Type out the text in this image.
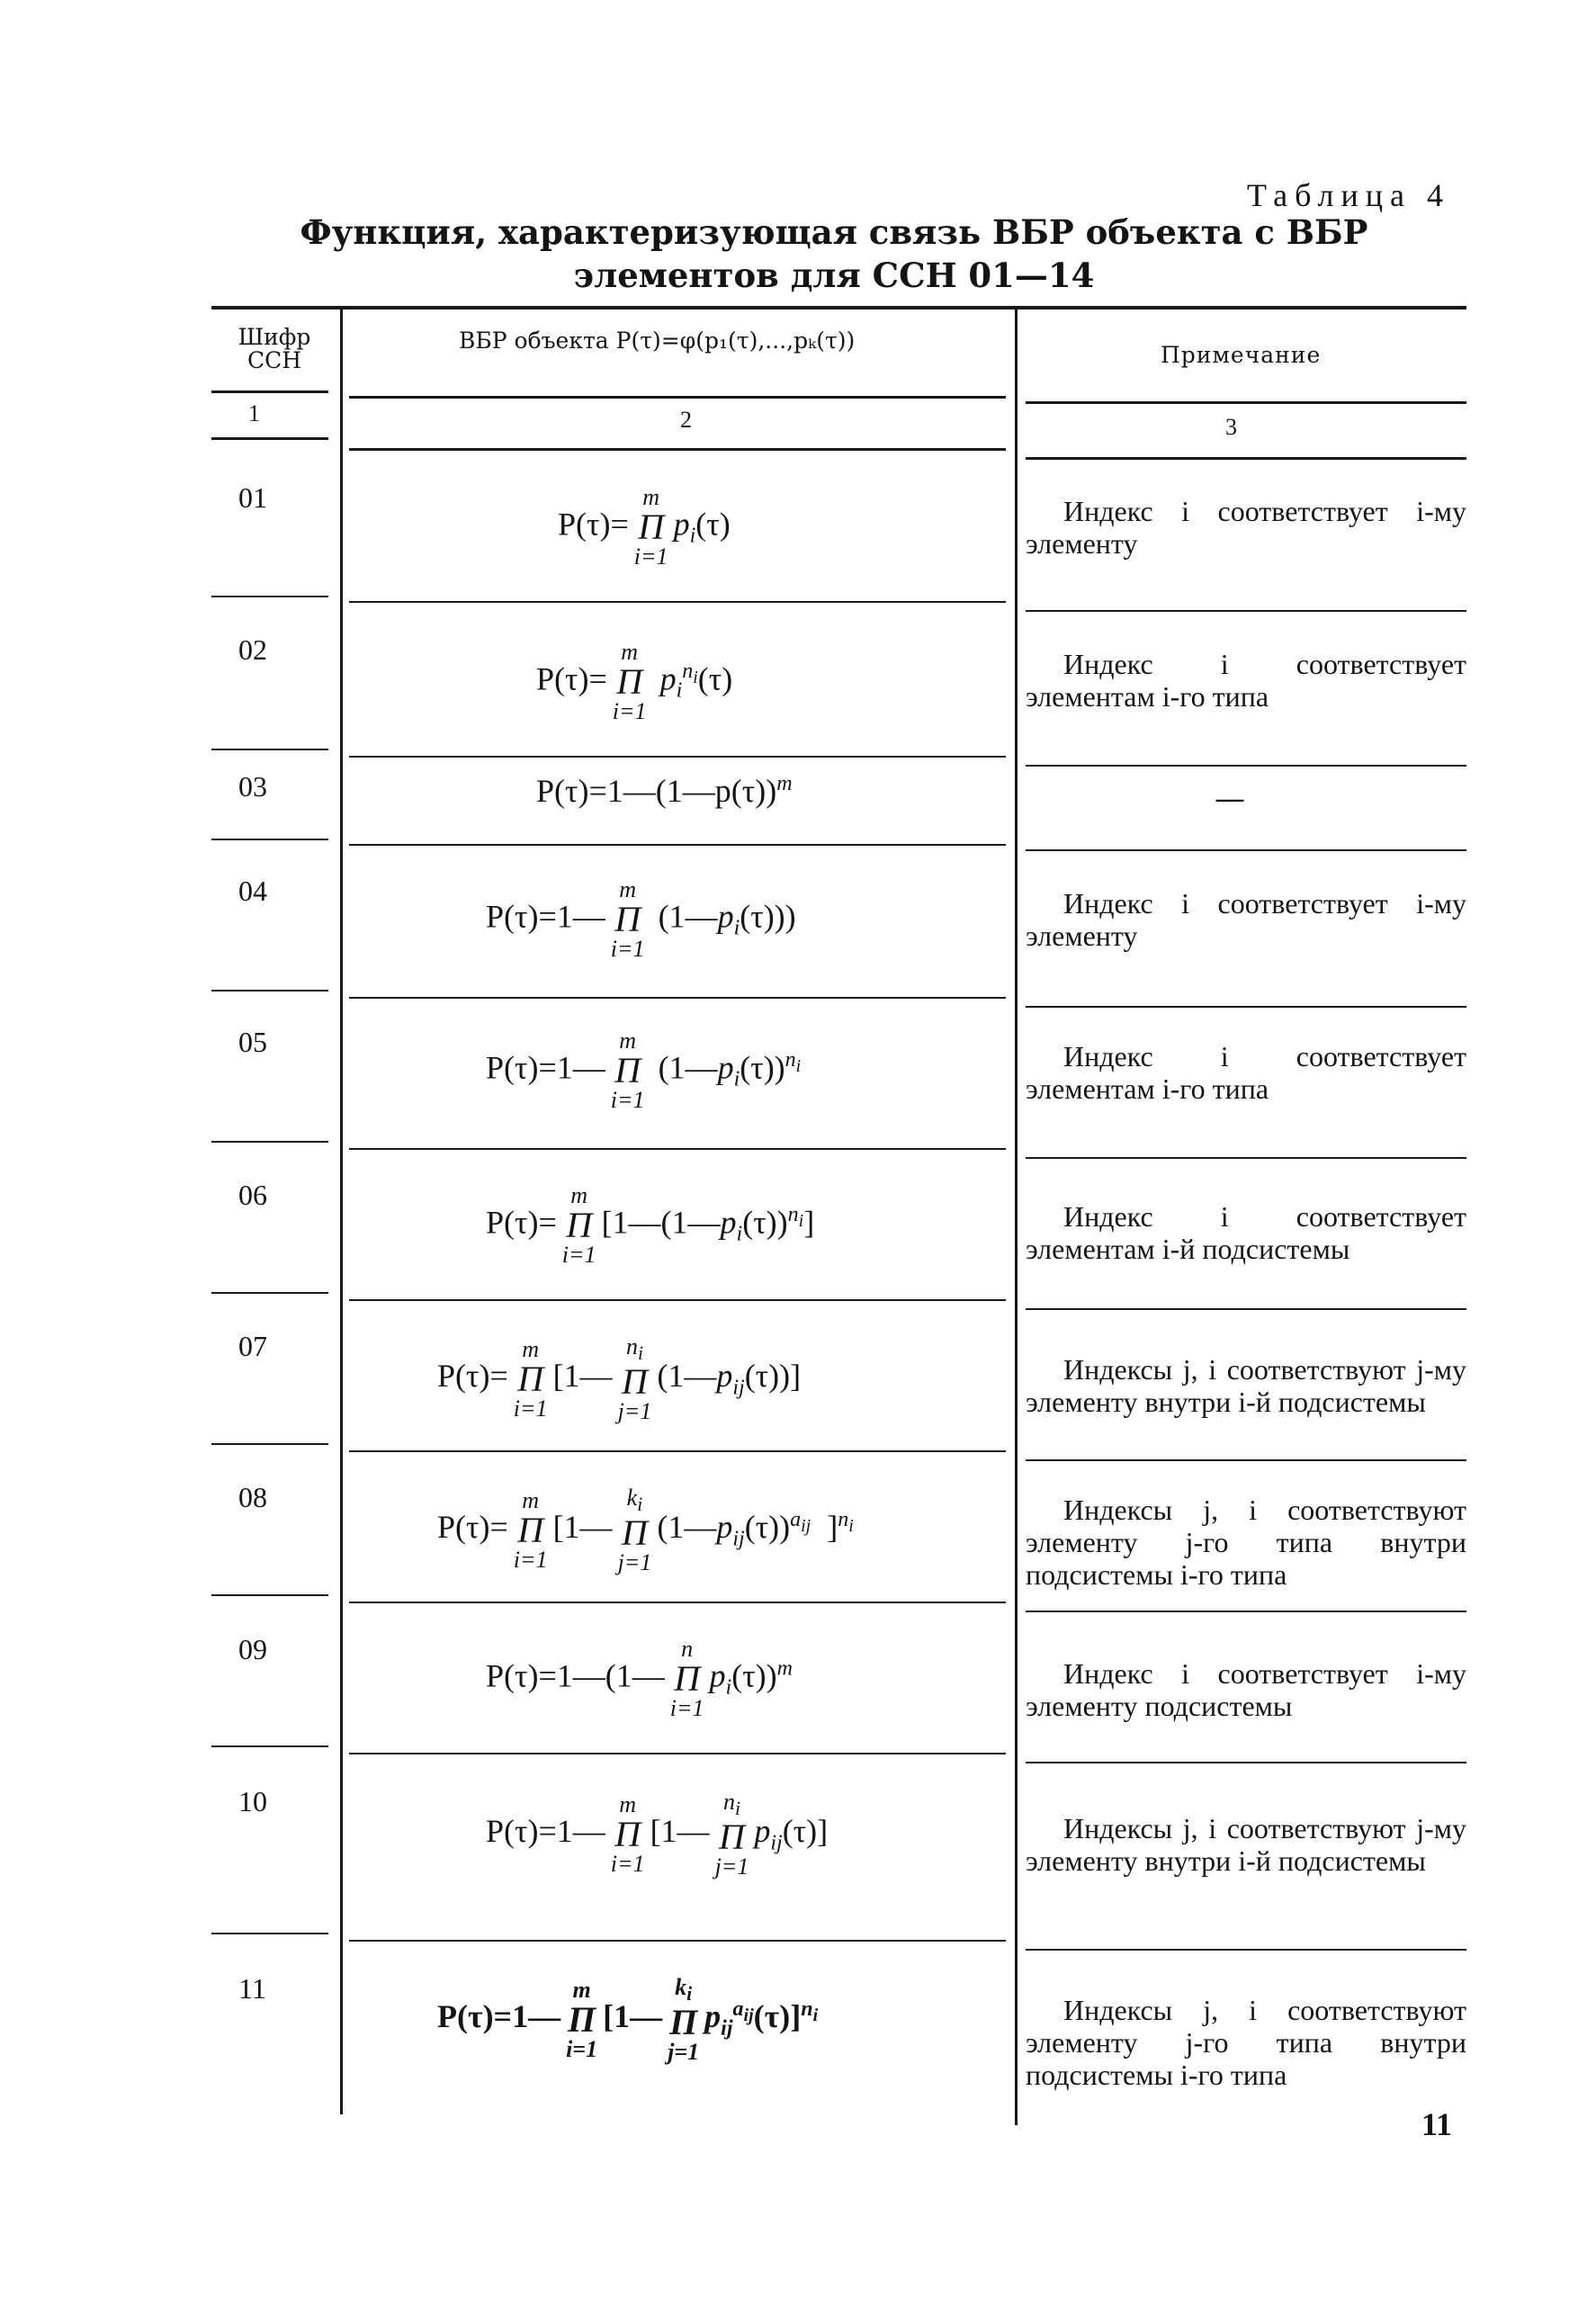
Таблица 4
Функция, характеризующая связь ВБР объекта с ВБР
элементов для ССН 01—14
Шифр ССН
ВБР объекта P(τ)=φ(p₁(τ),...,pₖ(τ))
Примечание
1	2	3
01
02
03
04
05
06
07
08
09
10
11
Индекс i соответствует i-му элементу
Индекс i соответствует элементам i-го типа
—
Индекс i соответствует i-му элементу
Индекс i соответствует элементам i-го типа
Индекс i соответствует элементам i-й подсистемы
Индексы j, i соответствуют j-му элементу внутри i-й подсистемы
Индексы j, i соответствуют элементу j-го типа внутри подсистемы i-го типа
Индекс i соответствует i-му элементу подсистемы
Индексы j, i соответствуют j-му элементу внутри i-й подсистемы
Индексы j, i соответствуют элементу j-го типа внутри подсистемы i-го типа
P(τ)=
m
Π
i=1
$p_i(\tau)$
P(τ)=
m
Π
i=1
$p_i^{n_i}(\tau)$
P(τ)=1—(1—p(τ))$^m$
P(τ)=1—
m
Π
i=1
$(1—p_i(\tau))$)
P(τ)=1—
m
Π
i=1
$(1—p_i(\tau))^{n_i}$
P(τ)=
m
Π
i=1
$[1—(1—p_i(\tau))^{n_i}]$
P(τ)=
m
Π
i=1
[1—
$n_i$
Π
j=1
$(1—p_{ij}(\tau))$]
P(τ)=
m
Π
i=1
[1—
$k_i$
Π
j=1
$(1—p_{ij}(\tau))^{a_{ij}}$ ]$^{n_i}$
P(τ)=1—(1—
n
Π
i=1
$p_i(\tau))^m$
P(τ)=1—
m
Π
i=1
[1—
$n_i$
Π
j=1
$p_{ij}(\tau)$]
P(τ)=1—
m
Π
i=1
[1—
$k_i$
Π
j=1
$p_{ij}^{a_{ij}}(\tau)]^{n_i}$
11
